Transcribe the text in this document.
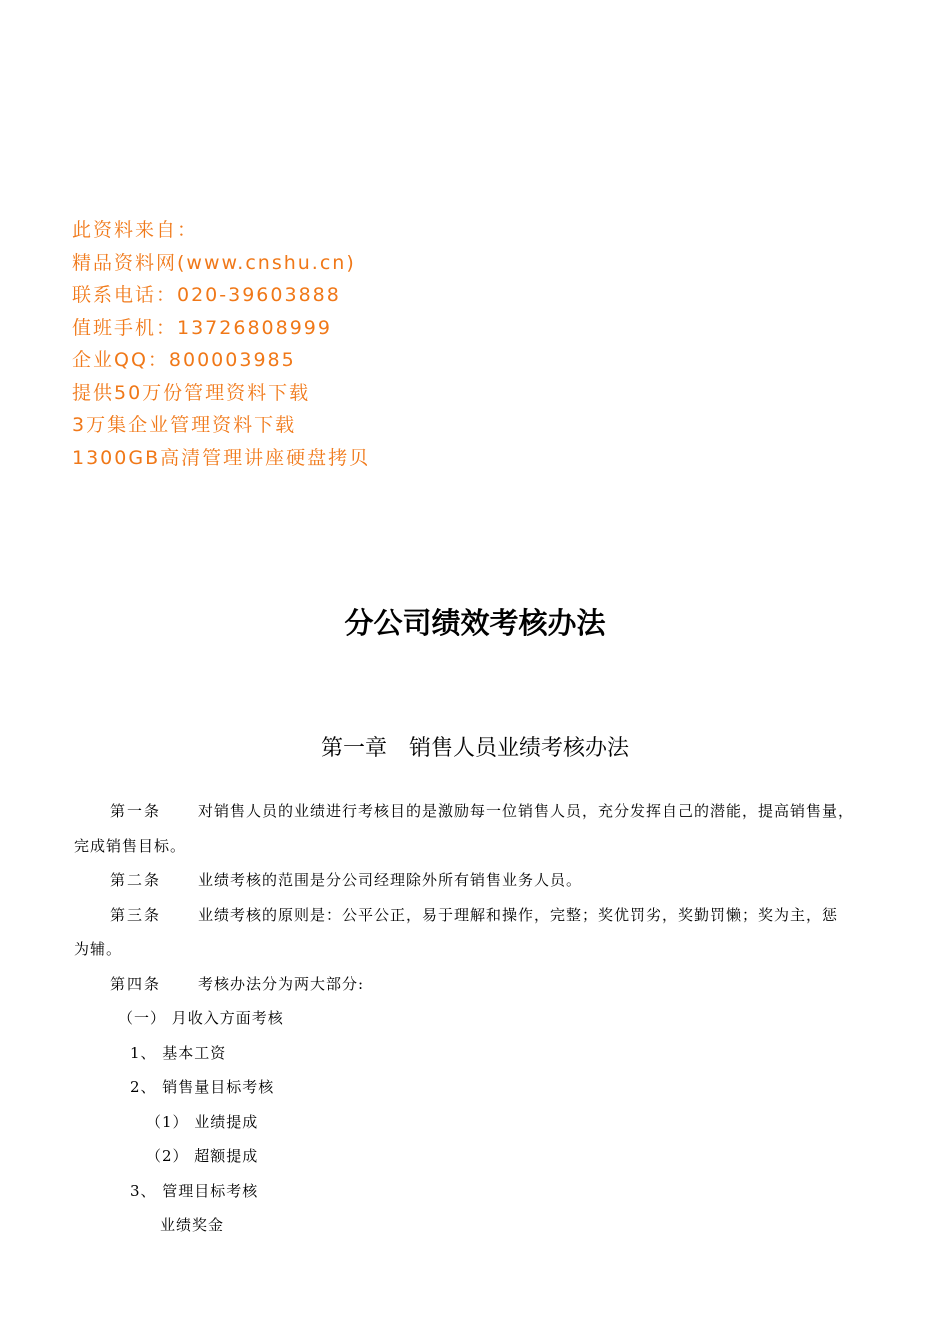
此资料来自：
精品资料网(www.cnshu.cn)
联系电话：020-39603888
值班手机：13726808999
企业QQ：800003985
提供50万份管理资料下载
3万集企业管理资料下载
1300GB高清管理讲座硬盘拷贝
分公司绩效考核办法
第一章　销售人员业绩考核办法
第一条 对销售人员的业绩进行考核目的是激励每一位销售人员，充分发挥自己的潜能，提高销售量，
完成销售目标。
第二条 业绩考核的范围是分公司经理除外所有销售业务人员。
第三条 业绩考核的原则是：公平公正，易于理解和操作，完整；奖优罚劣，奖勤罚懒；奖为主，惩
为辅。
第四条 考核办法分为两大部分:
（一） 月收入方面考核
1、 基本工资
2、 销售量目标考核
（1） 业绩提成
（2） 超额提成
3、 管理目标考核
业绩奖金
